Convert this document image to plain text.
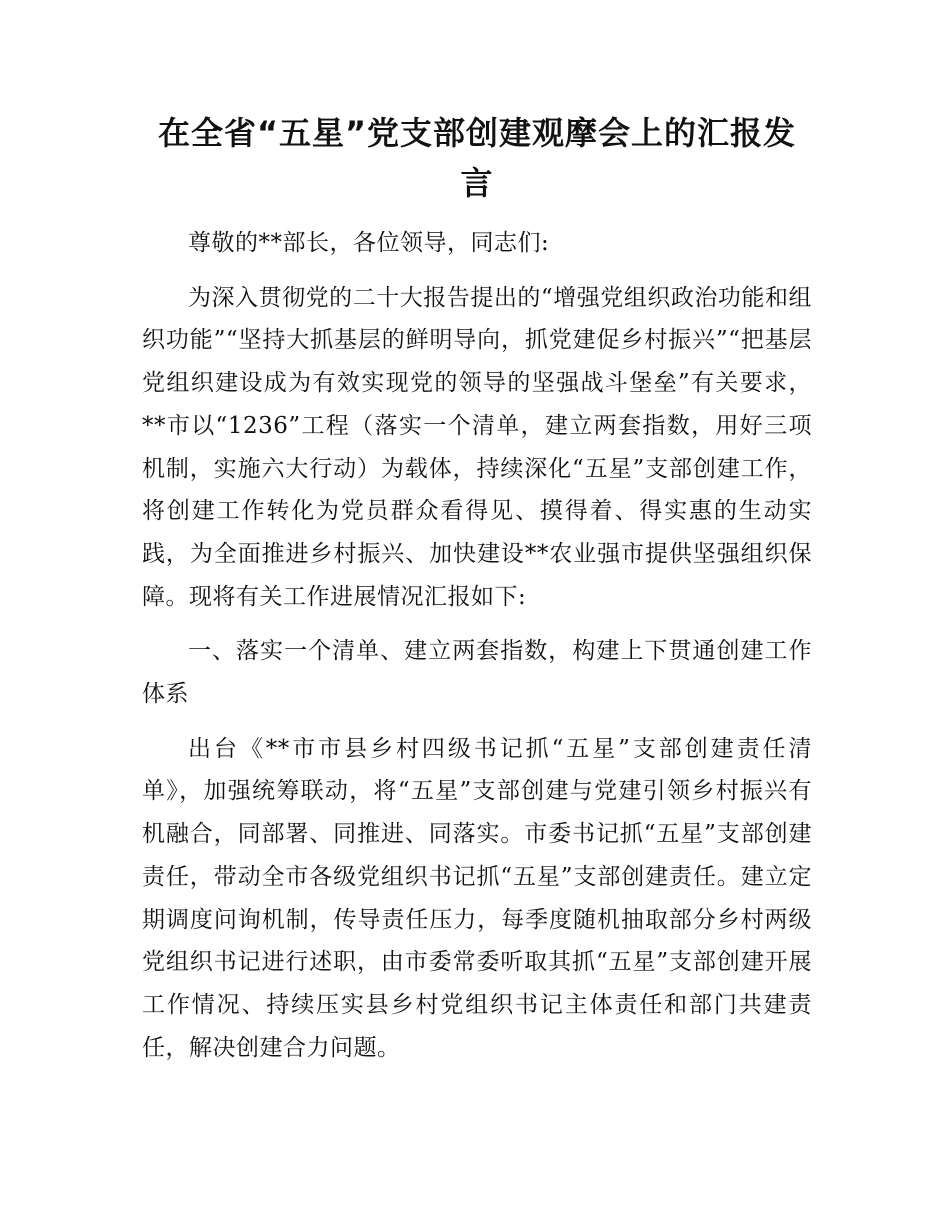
在全省“五星”党支部创建观摩会上的汇报发言

尊敬的**部长，各位领导，同志们:

为深入贯彻党的二十大报告提出的“增强党组织政治功能和组织功能”“坚持大抓基层的鲜明导向，抓党建促乡村振兴”“把基层党组织建设成为有效实现党的领导的坚强战斗堡垒”有关要求，**市以“1236”工程（落实一个清单，建立两套指数，用好三项机制，实施六大行动）为载体，持续深化“五星”支部创建工作，将创建工作转化为党员群众看得见、摸得着、得实惠的生动实践，为全面推进乡村振兴、加快建设**农业强市提供坚强组织保障。现将有关工作进展情况汇报如下:

一、落实一个清单、建立两套指数，构建上下贯通创建工作体系

出台《**市市县乡村四级书记抓“五星”支部创建责任清单》，加强统筹联动，将“五星”支部创建与党建引领乡村振兴有机融合，同部署、同推进、同落实。市委书记抓“五星”支部创建责任，带动全市各级党组织书记抓“五星”支部创建责任。建立定期调度问询机制，传导责任压力，每季度随机抽取部分乡村两级党组织书记进行述职，由市委常委听取其抓“五星”支部创建开展工作情况、持续压实县乡村党组织书记主体责任和部门共建责任，解决创建合力问题。
